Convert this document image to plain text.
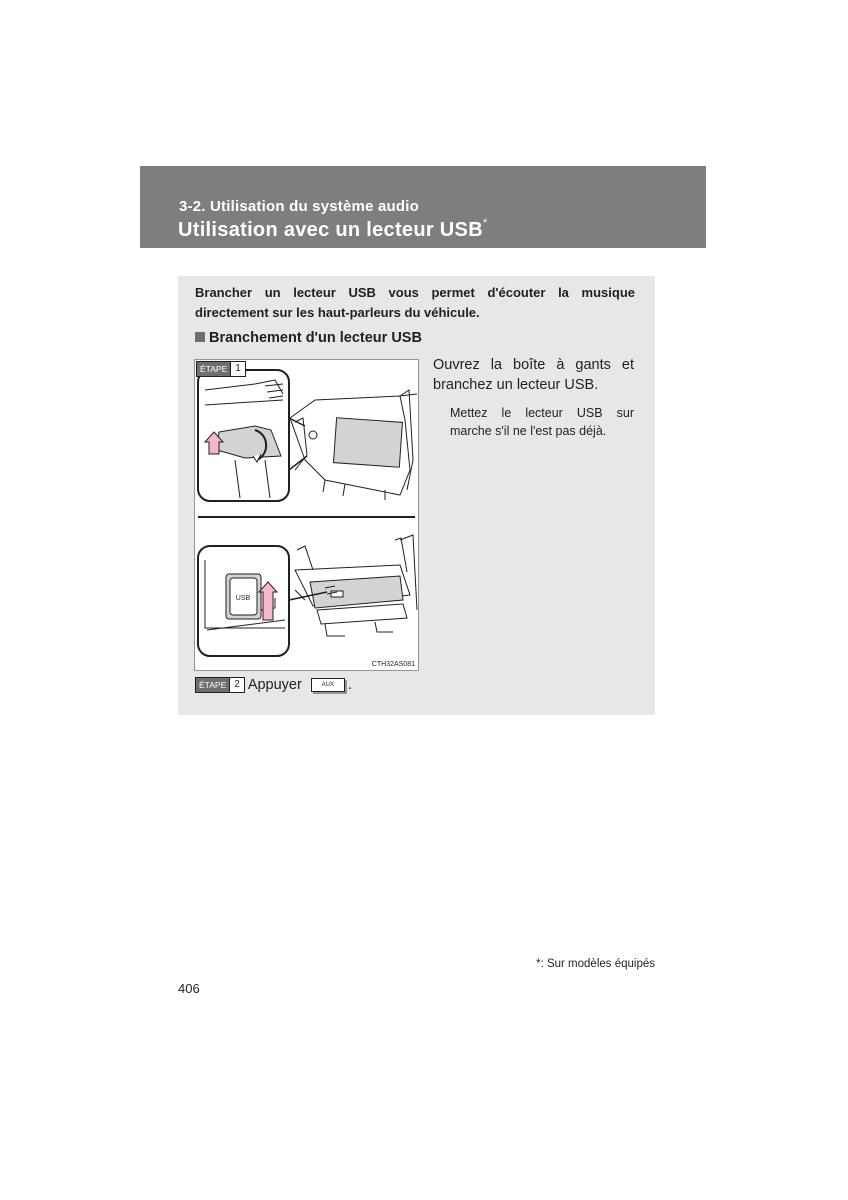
3-2. Utilisation du système audio
Utilisation avec un lecteur USB*
Brancher un lecteur USB vous permet d'écouter la musique directement sur les haut-parleurs du véhicule.
Branchement d'un lecteur USB
USB
ÉTAPE 1
CTH32AS081
Ouvrez la boîte à gants et branchez un lecteur USB.
Mettez le lecteur USB sur marche s'il ne l'est pas déjà.
ÉTAPE 2 Appuyer	AUX .
*: Sur modèles équipés
406
